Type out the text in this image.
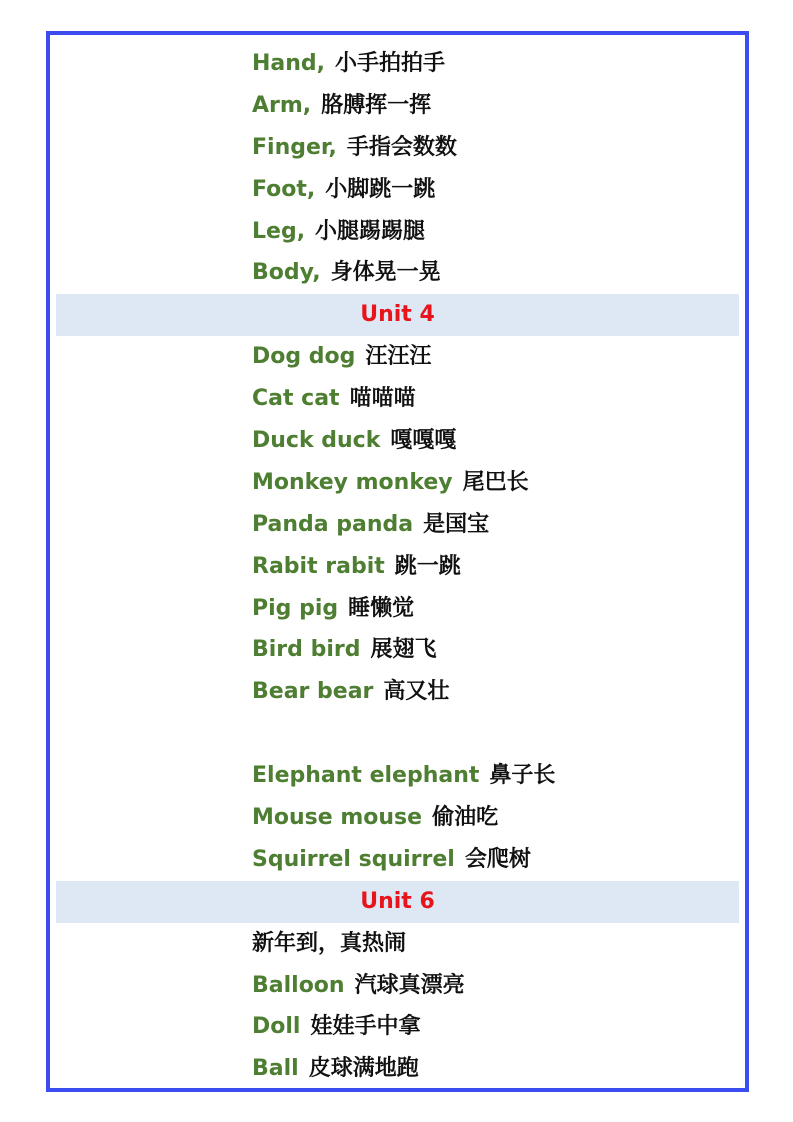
Hand, 小手拍拍手
Arm, 胳膊挥一挥
Finger, 手指会数数
Foot, 小脚跳一跳
Leg, 小腿踢踢腿
Body, 身体晃一晃
Unit 4
Dog dog 汪汪汪
Cat cat 喵喵喵
Duck duck 嘎嘎嘎
Monkey monkey 尾巴长
Panda panda 是国宝
Rabit rabit 跳一跳
Pig pig 睡懒觉
Bird bird 展翅飞
Bear bear 高又壮
Elephant elephant 鼻子长
Mouse mouse 偷油吃
Squirrel squirrel 会爬树
Unit 6
新年到，真热闹
Balloon 汽球真漂亮
Doll 娃娃手中拿
Ball 皮球满地跑
